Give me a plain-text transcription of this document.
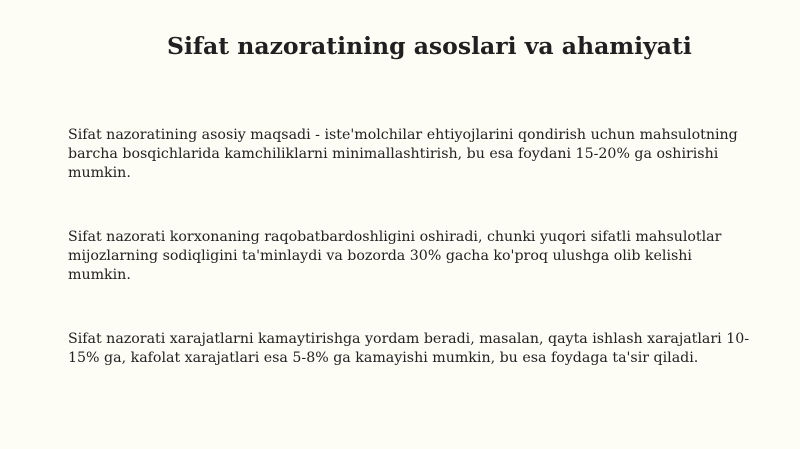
Sifat nazoratining asoslari va ahamiyati

Sifat nazoratining asosiy maqsadi - iste'molchilar ehtiyojlarini qondirish uchun mahsulotning barcha bosqichlarida kamchiliklarni minimallashtirish, bu esa foydani 15-20% ga oshirishi mumkin.

Sifat nazorati korxonaning raqobatbardoshligini oshiradi, chunki yuqori sifatli mahsulotlar mijozlarning sodiqligini ta'minlaydi va bozorda 30% gacha ko'proq ulushga olib kelishi mumkin.

Sifat nazorati xarajatlarni kamaytirishga yordam beradi, masalan, qayta ishlash xarajatlari 10-15% ga, kafolat xarajatlari esa 5-8% ga kamayishi mumkin, bu esa foydaga ta'sir qiladi.
